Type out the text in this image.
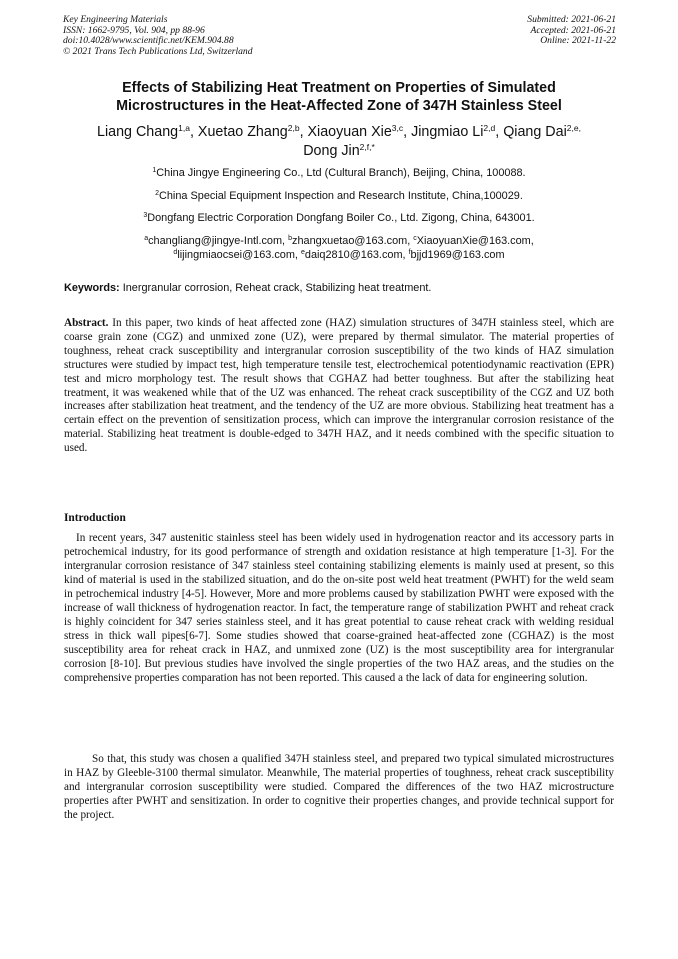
Key Engineering Materials
ISSN: 1662-9795, Vol. 904, pp 88-96
doi:10.4028/www.scientific.net/KEM.904.88
© 2021 Trans Tech Publications Ltd, Switzerland
Submitted: 2021-06-21
Accepted: 2021-06-21
Online: 2021-11-22
Effects of Stabilizing Heat Treatment on Properties of Simulated
Microstructures in the Heat-Affected Zone of 347H Stainless Steel
Liang Chang$^{1,a}$, Xuetao Zhang$^{2,b}$, Xiaoyuan Xie$^{3,c}$, Jingmiao Li$^{2,d}$, Qiang Dai$^{2,e,}$
Dong Jin$^{2,f,*}$
$^1$China Jingye Engineering Co., Ltd (Cultural Branch), Beijing, China, 100088.
$^2$China Special Equipment Inspection and Research Institute, China,100029.
$^3$Dongfang Electric Corporation Dongfang Boiler Co., Ltd. Zigong, China, 643001.
$^a$changliang@jingye-Intl.com, $^b$zhangxuetao@163.com, $^c$XiaoyuanXie@163.com,
$^d$lijingmiaocsei@163.com, $^e$daiq2810@163.com, $^f$bjjd1969@163.com
Keywords: Inergranular corrosion, Reheat crack, Stabilizing heat treatment.

Abstract. In this paper, two kinds of heat affected zone (HAZ) simulation structures of 347H stainless steel, which are coarse grain zone (CGZ) and unmixed zone (UZ), were prepared by thermal simulator. The material properties of toughness, reheat crack susceptibility and intergranular corrosion susceptibility of the two kinds of HAZ simulation structures were studied by impact test, high temperature tensile test, electrochemical potentiodynamic reactivation (EPR) test and micro morphology test. The result shows that CGHAZ had better toughness. But after the stabilizing heat treatment, it was weakened while that of the UZ was enhanced. The reheat crack susceptibility of the CGZ and UZ both increases after stabilization heat treatment, and the tendency of the UZ are more obvious. Stabilizing heat treatment has a certain effect on the prevention of sensitization process, which can improve the intergranular corrosion resistance of the material. Stabilizing heat treatment is double-edged to 347H HAZ, and it needs combined with the specific situation to used.

Introduction

In recent years, 347 austenitic stainless steel has been widely used in hydrogenation reactor and its accessory parts in petrochemical industry, for its good performance of strength and oxidation resistance at high temperature [1-3]. For the intergranular corrosion resistance of 347 stainless steel containing stabilizing elements is mainly used at present, so this kind of material is used in the stabilized situation, and do the on-site post weld heat treatment (PWHT) for the weld seam in petrochemical industry [4-5]. However, More and more problems caused by stabilization PWHT were exposed with the increase of wall thickness of hydrogenation reactor. In fact, the temperature range of stabilization PWHT and reheat crack is highly coincident for 347 series stainless steel, and it has great potential to cause reheat crack with welding residual stress in thick wall pipes[6-7]. Some studies showed that coarse-grained heat-affected zone (CGHAZ) is the most susceptibility area for reheat crack in HAZ, and unmixed zone (UZ) is the most susceptibility area for intergranular corrosion [8-10]. But previous studies have involved the single properties of the two HAZ areas, and the studies on the comprehensive properties comparation has not been reported. This caused a the lack of data for engineering solution.

So that, this study was chosen a qualified 347H stainless steel, and prepared two typical simulated microstructures in HAZ by Gleeble-3100 thermal simulator. Meanwhile, The material properties of toughness, reheat crack susceptibility and intergranular corrosion susceptibility were studied. Compared the differences of the two HAZ microstructure properties after PWHT and sensitization. In order to cognitive their properties changes, and provide technical support for the project.
